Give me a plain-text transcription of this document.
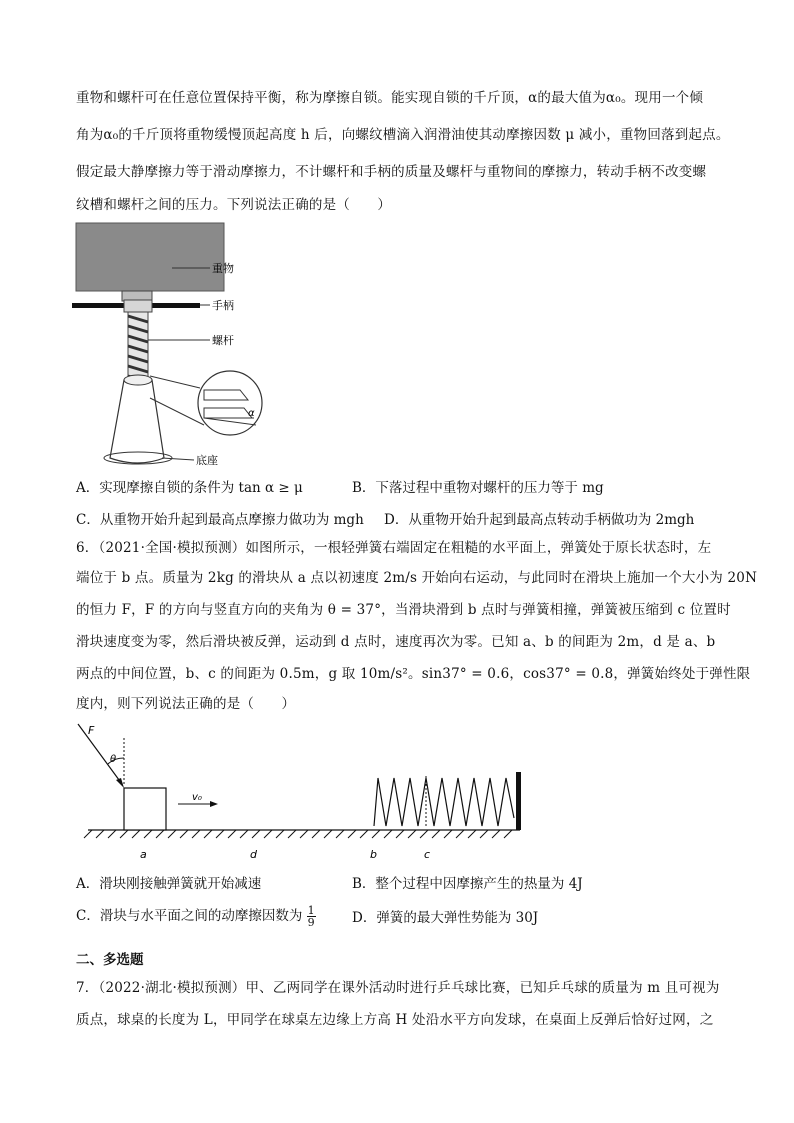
重物和螺杆可在任意位置保持平衡，称为摩擦自锁。能实现自锁的千斤顶，α的最大值为α₀。现用一个倾
角为α₀的千斤顶将重物缓慢顶起高度 h 后，向螺纹槽滴入润滑油使其动摩擦因数 μ 减小，重物回落到起点。
假定最大静摩擦力等于滑动摩擦力，不计螺杆和手柄的质量及螺杆与重物间的摩擦力，转动手柄不改变螺
纹槽和螺杆之间的压力。下列说法正确的是（　　）
重物
手柄
螺杆
底座
α
A．实现摩擦自锁的条件为 tan α ≥ μ	B．下落过程中重物对螺杆的压力等于 mg
C．从重物开始升起到最高点摩擦力做功为 mgh D．从重物开始升起到最高点转动手柄做功为 2mgh
6．（2021·全国·模拟预测）如图所示，一根轻弹簧右端固定在粗糙的水平面上，弹簧处于原长状态时，左
端位于 b 点。质量为 2kg 的滑块从 a 点以初速度 2m/s 开始向右运动，与此同时在滑块上施加一个大小为 20N
的恒力 F，F 的方向与竖直方向的夹角为 θ = 37°，当滑块滑到 b 点时与弹簧相撞，弹簧被压缩到 c 位置时
滑块速度变为零，然后滑块被反弹，运动到 d 点时，速度再次为零。已知 a、b 的间距为 2m，d 是 a、b
两点的中间位置，b、c 的间距为 0.5m，g 取 10m/s²。sin37° = 0.6，cos37° = 0.8，弹簧始终处于弹性限
度内，则下列说法正确的是（　　）
F
θ
v₀
a	d	b	c
A．滑块刚接触弹簧就开始减速	B．整个过程中因摩擦产生的热量为 4J
C．滑块与水平面之间的动摩擦因数为 $\frac{1}{9}$	D．弹簧的最大弹性势能为 30J
二、多选题
7．（2022·湖北·模拟预测）甲、乙两同学在课外活动时进行乒乓球比赛，已知乒乓球的质量为 m 且可视为
质点，球桌的长度为 L，甲同学在球桌左边缘上方高 H 处沿水平方向发球，在桌面上反弹后恰好过网，之
